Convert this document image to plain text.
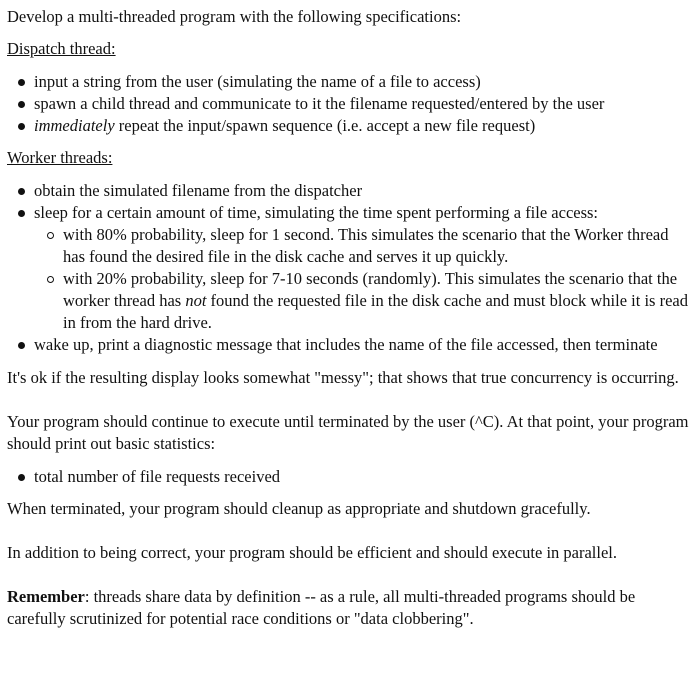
Develop a multi-threaded program with the following specifications:

Dispatch thread:

input a string from the user (simulating the name of a file to access)
spawn a child thread and communicate to it the filename requested/entered by the user
immediately repeat the input/spawn sequence (i.e. accept a new file request)

Worker threads:

obtain the simulated filename from the dispatcher
sleep for a certain amount of time, simulating the time spent performing a file access:
with 80% probability, sleep for 1 second. This simulates the scenario that the Worker thread has found the desired file in the disk cache and serves it up quickly.
with 20% probability, sleep for 7-10 seconds (randomly). This simulates the scenario that the worker thread has not found the requested file in the disk cache and must block while it is read in from the hard drive.
wake up, print a diagnostic message that includes the name of the file accessed, then terminate

It's ok if the resulting display looks somewhat "messy"; that shows that true concurrency is occurring.

Your program should continue to execute until terminated by the user (^C). At that point, your program should print out basic statistics:

total number of file requests received

When terminated, your program should cleanup as appropriate and shutdown gracefully.

In addition to being correct, your program should be efficient and should execute in parallel.

Remember: threads share data by definition -- as a rule, all multi-threaded programs should be carefully scrutinized for potential race conditions or "data clobbering".
